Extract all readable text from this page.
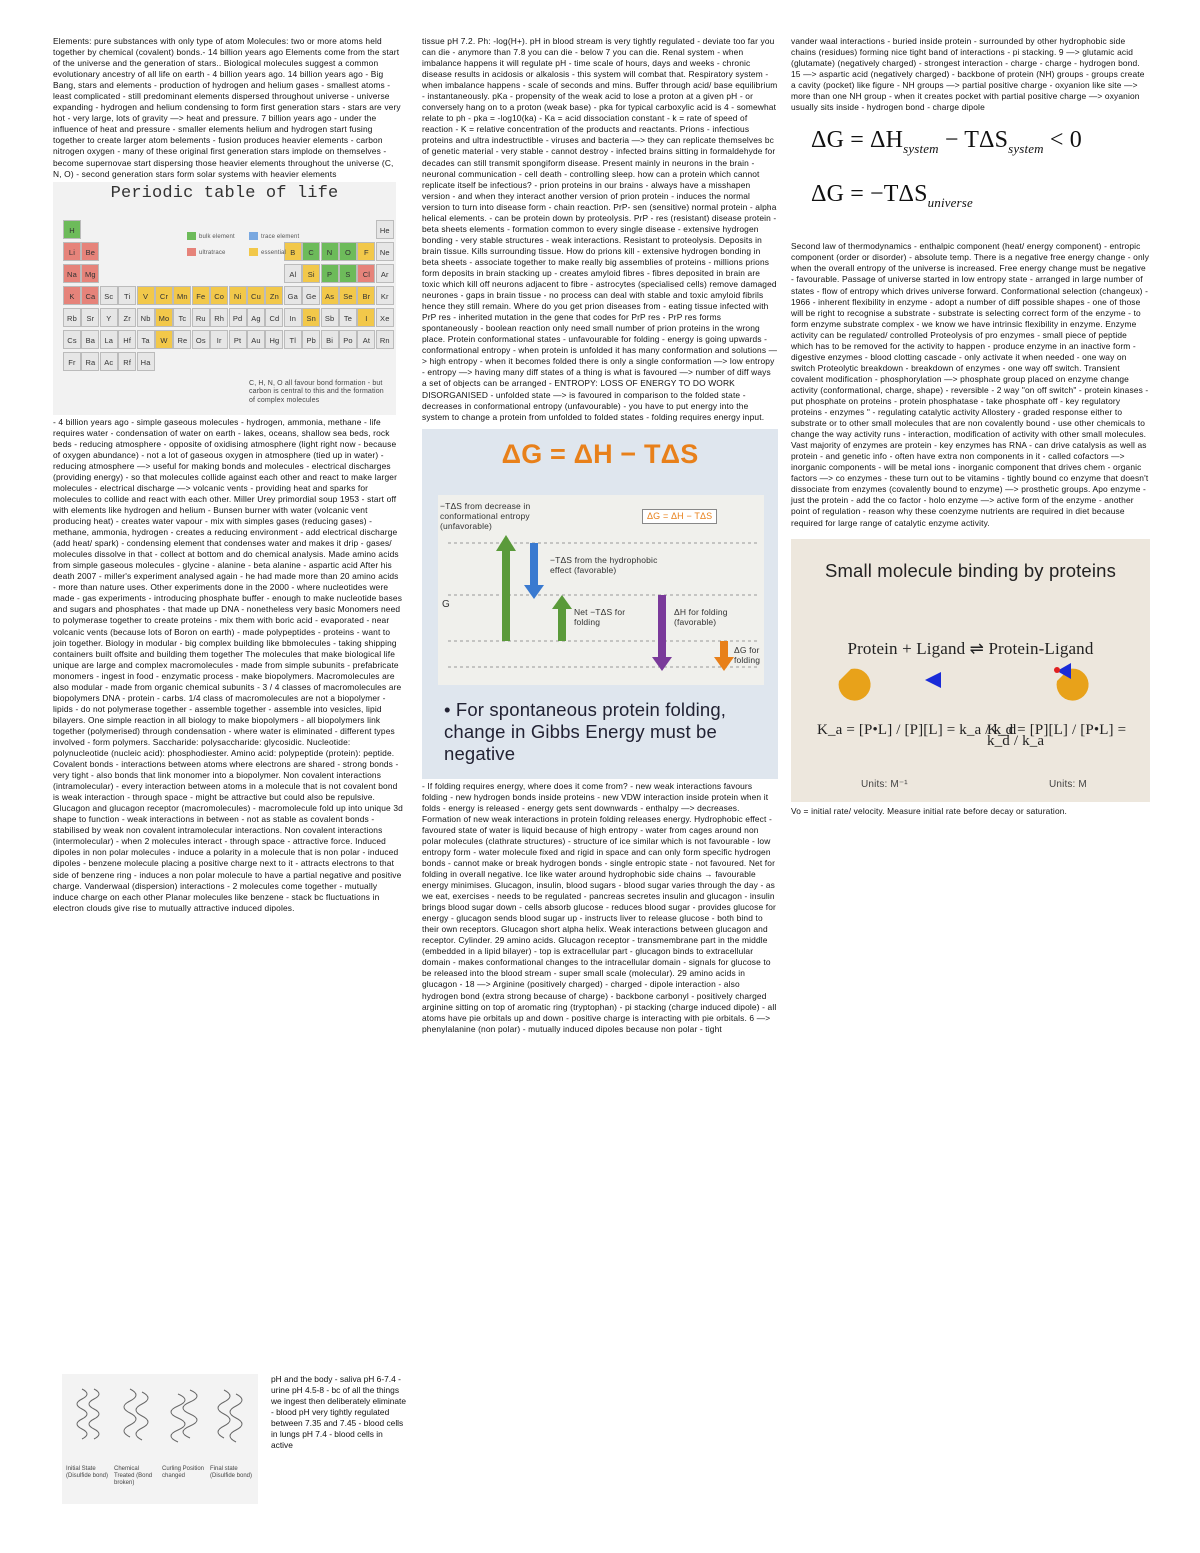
Elements: pure substances with only type of atom Molecules: two or more atoms held together by chemical (covalent) bonds.- 14 billion years ago Elements come from the start of the universe and the generation of stars.. Biological molecules suggest a common evolutionary ancestry of all life on earth - 4 billion years ago. 14 billion years ago - Big Bang, stars and elements - production of hydrogen and helium gases - smallest atoms - least complicated - still predominant elements dispersed throughout universe - universe expanding - hydrogen and helium condensing to form first generation stars - stars are very hot - very large, lots of gravity —> heat and pressure. 7 billion years ago - under the influence of heat and pressure - smaller elements helium and hydrogen start fusing together to create larger atom belements - fusion produces heavier elements - carbon nitrogen oxygen - many of these original first generation stars implode on themselves - become supernovae start dispersing those heavier elements throughout the universe (C, N, O) - second generation stars form solar systems with heavier elements

Periodic table of life
H	He
Li	Be	B	C	N	O	F	Ne
Na	Mg	Al	Si	P	S	Cl	Ar
K	Ca	Sc	Ti	V	Cr	Mn	Fe	Co	Ni	Cu	Zn	Ga	Ge	As	Se	Br	Kr
Rb	Sr	Y	Zr	Nb	Mo	Tc	Ru	Rh	Pd	Ag	Cd	In	Sn	Sb	Te	I	Xe
Cs	Ba	La	Hf	Ta	W	Re	Os	Ir	Pt	Au	Hg	Tl	Pb	Bi	Po	At	Rn
Fr	Ra	Ac	Rf	Ha
bulk element	trace element
ultratrace	essential
C, H, N, O all favour bond formation - but carbon is central to this and the formation of complex molecules

- 4 billion years ago - simple gaseous molecules - hydrogen, ammonia, methane - life requires water - condensation of water on earth - lakes, oceans, shallow sea beds, rock beds - reducing atmosphere - opposite of oxidising atmosphere (light right now - because of oxygen abundance) - not a lot of gaseous oxygen in atmosphere (tied up in water) - reducing atmosphere —> useful for making bonds and molecules - electrical discharges (providing energy) - so that molecules collide against each other and react to make larger molecules - electrical discharge —> volcanic vents - providing heat and sparks for molecules to collide and react with each other. Miller Urey primordial soup 1953 - start off with elements like hydrogen and helium - Bunsen burner with water (volcanic vent producing heat) - creates water vapour - mix with simples gases (reducing gases) - methane, ammonia, hydrogen - creates a reducing environment - add electrical discharge (add heat/ spark) - condensing element that condenses water and makes it drip - gases/ molecules dissolve in that - collect at bottom and do chemical analysis. Made amino acids from simple gaseous molecules - glycine - alanine - beta alanine - aspartic acid After his death 2007 - miller's experiment analysed again - he had made more than 20 amino acids - more than nature uses. Other experiments done in the 2000 - where nucleotides were made - gas experiments - introducing phosphate buffer - enough to make nucleotide bases and sugars and phosphates - that made up DNA - nonetheless very basic Monomers need to polymerase together to create proteins - mix them with boric acid - evaporated - near volcanic vents (because lots of Boron on earth) - made polypeptides - proteins - want to join together. Biology in modular - big complex building like bbmolecules - taking shipping containers built offsite and building them together The molecules that make biological life unique are large and complex macromolecules - made from simple subunits - prefabricate monomers - ingest in food - enzymatic process - make biopolymers. Macromolecules are also modular - made from organic chemical subunits - 3 / 4 classes of macromolecules are biopolymers DNA - protein - carbs. 1/4 class of macromolecules are not a biopolymer - lipids - do not polymerase together - assemble together - assemble into vesicles, lipid bilayers. One simple reaction in all biology to make biopolymers - all biopolymers link together (polymerised) through condensation - where water is eliminated - different types involved - form polymers. Saccharide: polysaccharide: glycosidic. Nucleotide: polynucleotide (nucleic acid): phosphodiester. Amino acid: polypeptide (protein): peptide. Covalent bonds - interactions between atoms where electrons are shared - strong bonds - very tight - also bonds that link monomer into a biopolymer. Non covalent interactions (intramolecular) - every interaction between atoms in a molecule that is not covalent bond is weak interaction - through space - might be attractive but could also be repulsive. Glucagon and glucagon receptor (macromolecules) - macromolecule fold up into unique 3d shape to function - weak interactions in between - not as stable as covalent bonds - stabilised by weak non covalent intramolecular interactions. Non covalent interactions (intermolecular) - when 2 molecules interact - through space - attractive force. Induced dipoles in non polar molecules - induce a polarity in a molecule that is non polar - induced dipoles - benzene molecule placing a positive charge next to it - attracts electrons to that side of benzene ring - induces a non polar molecule to have a partial negative and positive charge. Vanderwaal (dispersion) interactions - 2 molecules come together - mutually induce charge on each other Planar molecules like benzene - stack bc fluctuations in electron clouds give rise to mutually attractive induced dipoles.

Initial State (Disulfide bond)
Chemical Treated (Bond broken)
Curling Position changed
Final state (Disulfide bond)
pH and the body - saliva pH 6-7.4 - urine pH 4.5-8 - bc of all the things we ingest then deliberately eliminate - blood pH very tightly regulated between 7.35 and 7.45 - blood cells in lungs pH 7.4 - blood cells in active

tissue pH 7.2. Ph: -log(H+). pH in blood stream is very tightly regulated - deviate too far you can die - anymore than 7.8 you can die - below 7 you can die. Renal system - when imbalance happens it will regulate pH - time scale of hours, days and weeks - chronic disease results in acidosis or alkalosis - this system will combat that. Respiratory system - when imbalance happens - scale of seconds and mins. Buffer through acid/ base equilibrium - instantaneously. pKa - propensity of the weak acid to lose a proton at a given pH - or conversely hang on to a proton (weak base) - pka for typical carboxylic acid is 4 - somewhat relate to ph - pka = -log10(ka) - Ka = acid dissociation constant - k = rate of speed of reaction - K = relative concentration of the products and reactants. Prions - infectious proteins and ultra indestructible - viruses and bacteria —> they can replicate themselves bc of genetic material - very stable - cannot destroy - infected brains sitting in formaldehyde for decades can still transmit spongiform disease. Present mainly in neurons in the brain - neuronal communication - cell death - controlling sleep. how can a protein which cannot replicate itself be infectious? - prion proteins in our brains - always have a misshapen version - and when they interact another version of prion protein - induces the normal version to turn into disease form - chain reaction. PrP- sen (sensitive) normal protein - alpha helical elements. - can be protein down by proteolysis. PrP - res (resistant) disease protein - beta sheets elements - formation common to every single disease - extensive hydrogen bonding - very stable structures - weak interactions. Resistant to proteolysis. Deposits in brain tissue. Kills surrounding tissue. How do prions kill - extensive hydrogen bonding in beta sheets - associate together to make really big assemblies of proteins - millions prions form deposits in brain stacking up - creates amyloid fibres - fibres deposited in brain are toxic which kill off neurons adjacent to fibre - astrocytes (specialised cells) remove damaged neurones - gaps in brain tissue - no process can deal with stable and toxic amyloid fibrils hence they still remain. Where do you get prion diseases from - eating tissue infected with PrP res - inherited mutation in the gene that codes for PrP res - PrP res forms spontaneously - boolean reaction only need small number of prion proteins in the wrong place. Protein conformational states - unfavourable for folding - energy is going upwards - conformational entropy - when protein is unfolded it has many conformation and solutions —> high entropy - when it becomes folded there is only a single conformation —> low entropy - entropy —> having many diff states of a thing is what is favoured —> number of diff ways a set of objects can be arranged - ENTROPY: LOSS OF ENERGY TO DO WORK DISORGANISED - unfolded state —> is favoured in comparison to the folded state - decreases in conformational entropy (unfavourable) - you have to put energy into the system to change a protein from unfolded to folded states - folding requires energy input.

ΔG = ΔH − TΔS
−TΔS from decrease in conformational entropy (unfavorable)
ΔG = ΔH − TΔS
−TΔS from the hydrophobic effect (favorable)
Net −TΔS for folding
ΔH for folding (favorable)
ΔG for folding
G
• For spontaneous protein folding, change in Gibbs Energy must be negative

- If folding requires energy, where does it come from? - new weak interactions favours folding - new hydrogen bonds inside proteins - new VDW interaction inside protein when it folds - energy is released - energy gets sent downwards - enthalpy —> decreases. Formation of new weak interactions in protein folding releases energy. Hydrophobic effect - favoured state of water is liquid because of high entropy - water from cages around non polar molecules (clathrate structures) - structure of ice similar which is not favourable - low entropy form - water molecule fixed and rigid in space and can only form specific hydrogen bonds - cannot make or break hydrogen bonds - single entropic state - not favoured. Net for folding in overall negative. Ice like water around hydrophobic side chains → favourable energy minimises. Glucagon, insulin, blood sugars - blood sugar varies through the day - as we eat, exercises - needs to be regulated - pancreas secretes insulin and glucagon - insulin brings blood sugar down - cells absorb glucose - reduces blood sugar - provides glucose for energy - glucagon sends blood sugar up - instructs liver to release glucose - both bind to their own receptors. Glucagon short alpha helix. Weak interactions between glucagon and receptor. Cylinder. 29 amino acids. Glucagon receptor - transmembrane part in the middle (embedded in a lipid bilayer) - top is extracellular part - glucagon binds to extracellular domain - makes conformational changes to the intracellular domain - signals for glucose to be released into the blood stream - super small scale (molecular). 29 amino acids in glucagon - 18 —> Arginine (positively charged) - charged - dipole interaction - also hydrogen bond (extra strong because of charge) - backbone carbonyl - positively charged arginine sitting on top of aromatic ring (tryptophan) - pi stacking (charge induced dipole) - all atoms have pie orbitals up and down - positive charge is interacting with pie orbitals. 6 —> phenylalanine (non polar) - mutually induced dipoles because non polar - tight

vander waal interactions - buried inside protein - surrounded by other hydrophobic side chains (residues) forming nice tight band of interactions - pi stacking. 9 —> glutamic acid (glutamate) (negatively charged) - strongest interaction - charge - charge - hydrogen bond. 15 —> aspartic acid (negatively charged) - backbone of protein (NH) groups - groups create a cavity (pocket) like figure - NH groups —> partial positive charge - oxyanion like site —> more than one NH group - when it creates pocket with partial positive charge —> oxyanion usually sits inside - hydrogen bond - charge dipole

$\Delta G = \Delta H_{system} - T\Delta S_{system} < 0$
$\Delta G = -T\Delta S_{universe}$

Second law of thermodynamics - enthalpic component (heat/ energy component) - entropic component (order or disorder) - absolute temp. There is a negative free energy change - only when the overall entropy of the universe is increased. Free energy change must be negative - favourable. Passage of universe started in low entropy state - arranged in large number of states - flow of entropy which drives universe forward. Conformational selection (changeux) - 1966 - inherent flexibility in enzyme - adopt a number of diff possible shapes - one of those will be right to recognise a substrate - substrate is selecting correct form of the enzyme - to form enzyme substrate complex - we know we have intrinsic flexibility in enzyme. Enzyme activity can be regulated/ controlled Proteolysis of pro enzymes - small piece of peptide which has to be removed for the activity to happen - produce enzyme in an inactive form - digestive enzymes - blood clotting cascade - only activate it when needed - one way on switch Proteolytic breakdown - breakdown of enzymes - one way off switch. Transient covalent modification - phosphorylation —> phosphate group placed on enzyme change activity (conformational, charge, shape) - reversible - 2 way "on off switch" - protein kinases - put phosphate on proteins - protein phosphatase - take phosphate off - key regulatory proteins - enzymes " - regulating catalytic activity Allostery - graded response either to substrate or to other small molecules that are non covalently bound - use other chemicals to change the way activity runs - interaction, modification of activity with other small molecules. Vast majority of enzymes are protein - key enzymes has RNA - can drive catalysis as well as protein - and genetic info - often have extra non components in it - called cofactors —> inorganic components - will be metal ions - inorganic component that drives chem - organic factors —> co enzymes - these turn out to be vitamins - tightly bound co enzyme that doesn't dissociate from enzymes (covalently bound to enzyme) —> prosthetic groups. Apo enzyme - just the protein - add the co factor - holo enzyme —> active form of the enzyme - another point of regulation - reason why these coenzyme nutrients are required in diet because required for large range of catalytic enzyme activity.

Small molecule binding by proteins
Protein + Ligand ⇌ Protein-Ligand
K_a = [P•L] / [P][L] = k_a / k_d
K_d = [P][L] / [P•L] = k_d / k_a
Units: M⁻¹	Units: M

Vo = initial rate/ velocity. Measure initial rate before decay or saturation.
